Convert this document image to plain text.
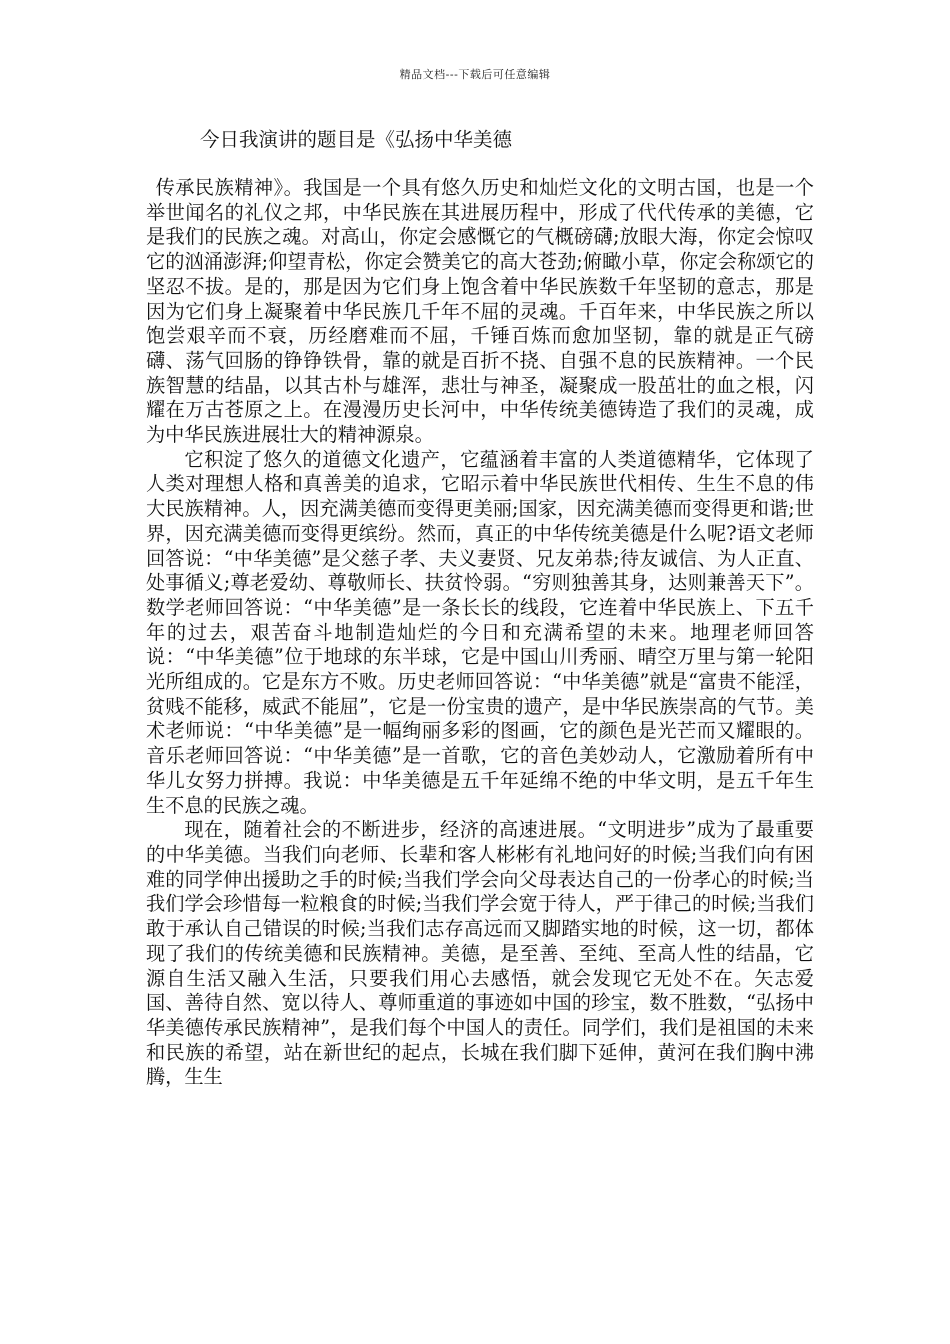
精品文档---下载后可任意编辑
今日我演讲的题目是《弘扬中华美德

传承民族精神》。我国是一个具有悠久历史和灿烂文化的文明古国，也是一个举世闻名的礼仪之邦，中华民族在其进展历程中，形成了代代传承的美德，它是我们的民族之魂。对高山，你定会感慨它的气概磅礴;放眼大海，你定会惊叹它的汹涌澎湃;仰望青松，你定会赞美它的高大苍劲;俯瞰小草，你定会称颂它的坚忍不拔。是的，那是因为它们身上饱含着中华民族数千年坚韧的意志，那是因为它们身上凝聚着中华民族几千年不屈的灵魂。千百年来，中华民族之所以饱尝艰辛而不衰，历经磨难而不屈，千锤百炼而愈加坚韧，靠的就是正气磅礴、荡气回肠的铮铮铁骨，靠的就是百折不挠、自强不息的民族精神。一个民族智慧的结晶，以其古朴与雄浑，悲壮与神圣，凝聚成一股茁壮的血之根，闪耀在万古苍原之上。在漫漫历史长河中，中华传统美德铸造了我们的灵魂，成为中华民族进展壮大的精神源泉。

它积淀了悠久的道德文化遗产，它蕴涵着丰富的人类道德精华，它体现了人类对理想人格和真善美的追求，它昭示着中华民族世代相传、生生不息的伟大民族精神。人，因充满美德而变得更美丽;国家，因充满美德而变得更和谐;世界，因充满美德而变得更缤纷。然而，真正的中华传统美德是什么呢?语文老师回答说：“中华美德”是父慈子孝、夫义妻贤、兄友弟恭;待友诚信、为人正直、处事循义;尊老爱幼、尊敬师长、扶贫怜弱。“穷则独善其身，达则兼善天下”。数学老师回答说：“中华美德”是一条长长的线段，它连着中华民族上、下五千年的过去，艰苦奋斗地制造灿烂的今日和充满希望的未来。地理老师回答说：“中华美德”位于地球的东半球，它是中国山川秀丽、晴空万里与第一轮阳光所组成的。它是东方不败。历史老师回答说：“中华美德”就是“富贵不能淫，贫贱不能移，威武不能屈”，它是一份宝贵的遗产，是中华民族崇高的气节。美术老师说：“中华美德”是一幅绚丽多彩的图画，它的颜色是光芒而又耀眼的。音乐老师回答说：“中华美德”是一首歌，它的音色美妙动人，它激励着所有中华儿女努力拼搏。我说：中华美德是五千年延绵不绝的中华文明，是五千年生生不息的民族之魂。

现在，随着社会的不断进步，经济的高速进展。“文明进步”成为了最重要的中华美德。当我们向老师、长辈和客人彬彬有礼地问好的时候;当我们向有困难的同学伸出援助之手的时候;当我们学会向父母表达自己的一份孝心的时候;当我们学会珍惜每一粒粮食的时候;当我们学会宽于待人，严于律己的时候;当我们敢于承认自己错误的时候;当我们志存高远而又脚踏实地的时候，这一切，都体现了我们的传统美德和民族精神。美德，是至善、至纯、至高人性的结晶，它源自生活又融入生活，只要我们用心去感悟，就会发现它无处不在。矢志爱国、善待自然、宽以待人、尊师重道的事迹如中国的珍宝，数不胜数，“弘扬中华美德传承民族精神”，是我们每个中国人的责任。同学们，我们是祖国的未来和民族的希望，站在新世纪的起点，长城在我们脚下延伸，黄河在我们胸中沸腾，生生
